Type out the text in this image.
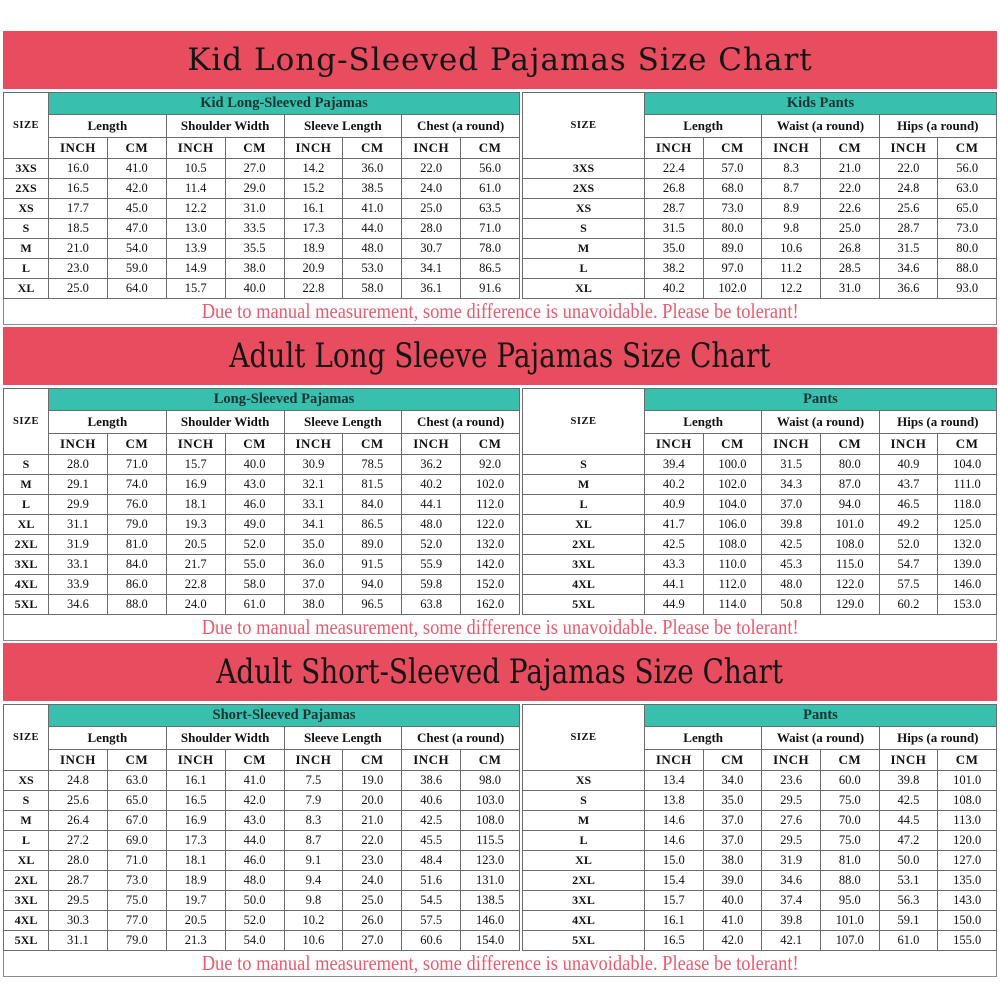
Kid Long-Sleeved Pajamas Size Chart
SIZE	Kid Long-Sleeved Pajamas							
	Length		Shoulder Width		Sleeve Length		Chest (a round)	
	INCH	CM	INCH	CM	INCH	CM	INCH	CM
3XS	16.0	41.0	10.5	27.0	14.2	36.0	22.0	56.0
2XS	16.5	42.0	11.4	29.0	15.2	38.5	24.0	61.0
XS	17.7	45.0	12.2	31.0	16.1	41.0	25.0	63.5
S	18.5	47.0	13.0	33.5	17.3	44.0	28.0	71.0
M	21.0	54.0	13.9	35.5	18.9	48.0	30.7	78.0
L	23.0	59.0	14.9	38.0	20.9	53.0	34.1	86.5
XL	25.0	64.0	15.7	40.0	22.8	58.0	36.1	91.6
SIZE	Kids Pants					
	Length		Waist (a round)		Hips (a round)	
	INCH	CM	INCH	CM	INCH	CM
3XS	22.4	57.0	8.3	21.0	22.0	56.0
2XS	26.8	68.0	8.7	22.0	24.8	63.0
XS	28.7	73.0	8.9	22.6	25.6	65.0
S	31.5	80.0	9.8	25.0	28.7	73.0
M	35.0	89.0	10.6	26.8	31.5	80.0
L	38.2	97.0	11.2	28.5	34.6	88.0
XL	40.2	102.0	12.2	31.0	36.6	93.0
Due to manual measurement, some difference is unavoidable. Please be tolerant!
Adult Long Sleeve Pajamas Size Chart
SIZE	Long-Sleeved Pajamas							
	Length		Shoulder Width		Sleeve Length		Chest (a round)	
	INCH	CM	INCH	CM	INCH	CM	INCH	CM
S	28.0	71.0	15.7	40.0	30.9	78.5	36.2	92.0
M	29.1	74.0	16.9	43.0	32.1	81.5	40.2	102.0
L	29.9	76.0	18.1	46.0	33.1	84.0	44.1	112.0
XL	31.1	79.0	19.3	49.0	34.1	86.5	48.0	122.0
2XL	31.9	81.0	20.5	52.0	35.0	89.0	52.0	132.0
3XL	33.1	84.0	21.7	55.0	36.0	91.5	55.9	142.0
4XL	33.9	86.0	22.8	58.0	37.0	94.0	59.8	152.0
5XL	34.6	88.0	24.0	61.0	38.0	96.5	63.8	162.0
SIZE	Pants					
	Length		Waist (a round)		Hips (a round)	
	INCH	CM	INCH	CM	INCH	CM
S	39.4	100.0	31.5	80.0	40.9	104.0
M	40.2	102.0	34.3	87.0	43.7	111.0
L	40.9	104.0	37.0	94.0	46.5	118.0
XL	41.7	106.0	39.8	101.0	49.2	125.0
2XL	42.5	108.0	42.5	108.0	52.0	132.0
3XL	43.3	110.0	45.3	115.0	54.7	139.0
4XL	44.1	112.0	48.0	122.0	57.5	146.0
5XL	44.9	114.0	50.8	129.0	60.2	153.0
Due to manual measurement, some difference is unavoidable. Please be tolerant!
Adult Short-Sleeved Pajamas Size Chart
SIZE	Short-Sleeved Pajamas							
	Length		Shoulder Width		Sleeve Length		Chest (a round)	
	INCH	CM	INCH	CM	INCH	CM	INCH	CM
XS	24.8	63.0	16.1	41.0	7.5	19.0	38.6	98.0
S	25.6	65.0	16.5	42.0	7.9	20.0	40.6	103.0
M	26.4	67.0	16.9	43.0	8.3	21.0	42.5	108.0
L	27.2	69.0	17.3	44.0	8.7	22.0	45.5	115.5
XL	28.0	71.0	18.1	46.0	9.1	23.0	48.4	123.0
2XL	28.7	73.0	18.9	48.0	9.4	24.0	51.6	131.0
3XL	29.5	75.0	19.7	50.0	9.8	25.0	54.5	138.5
4XL	30.3	77.0	20.5	52.0	10.2	26.0	57.5	146.0
5XL	31.1	79.0	21.3	54.0	10.6	27.0	60.6	154.0
SIZE	Pants					
	Length		Waist (a round)		Hips (a round)	
	INCH	CM	INCH	CM	INCH	CM
XS	13.4	34.0	23.6	60.0	39.8	101.0
S	13.8	35.0	29.5	75.0	42.5	108.0
M	14.6	37.0	27.6	70.0	44.5	113.0
L	14.6	37.0	29.5	75.0	47.2	120.0
XL	15.0	38.0	31.9	81.0	50.0	127.0
2XL	15.4	39.0	34.6	88.0	53.1	135.0
3XL	15.7	40.0	37.4	95.0	56.3	143.0
4XL	16.1	41.0	39.8	101.0	59.1	150.0
5XL	16.5	42.0	42.1	107.0	61.0	155.0
Due to manual measurement, some difference is unavoidable. Please be tolerant!
